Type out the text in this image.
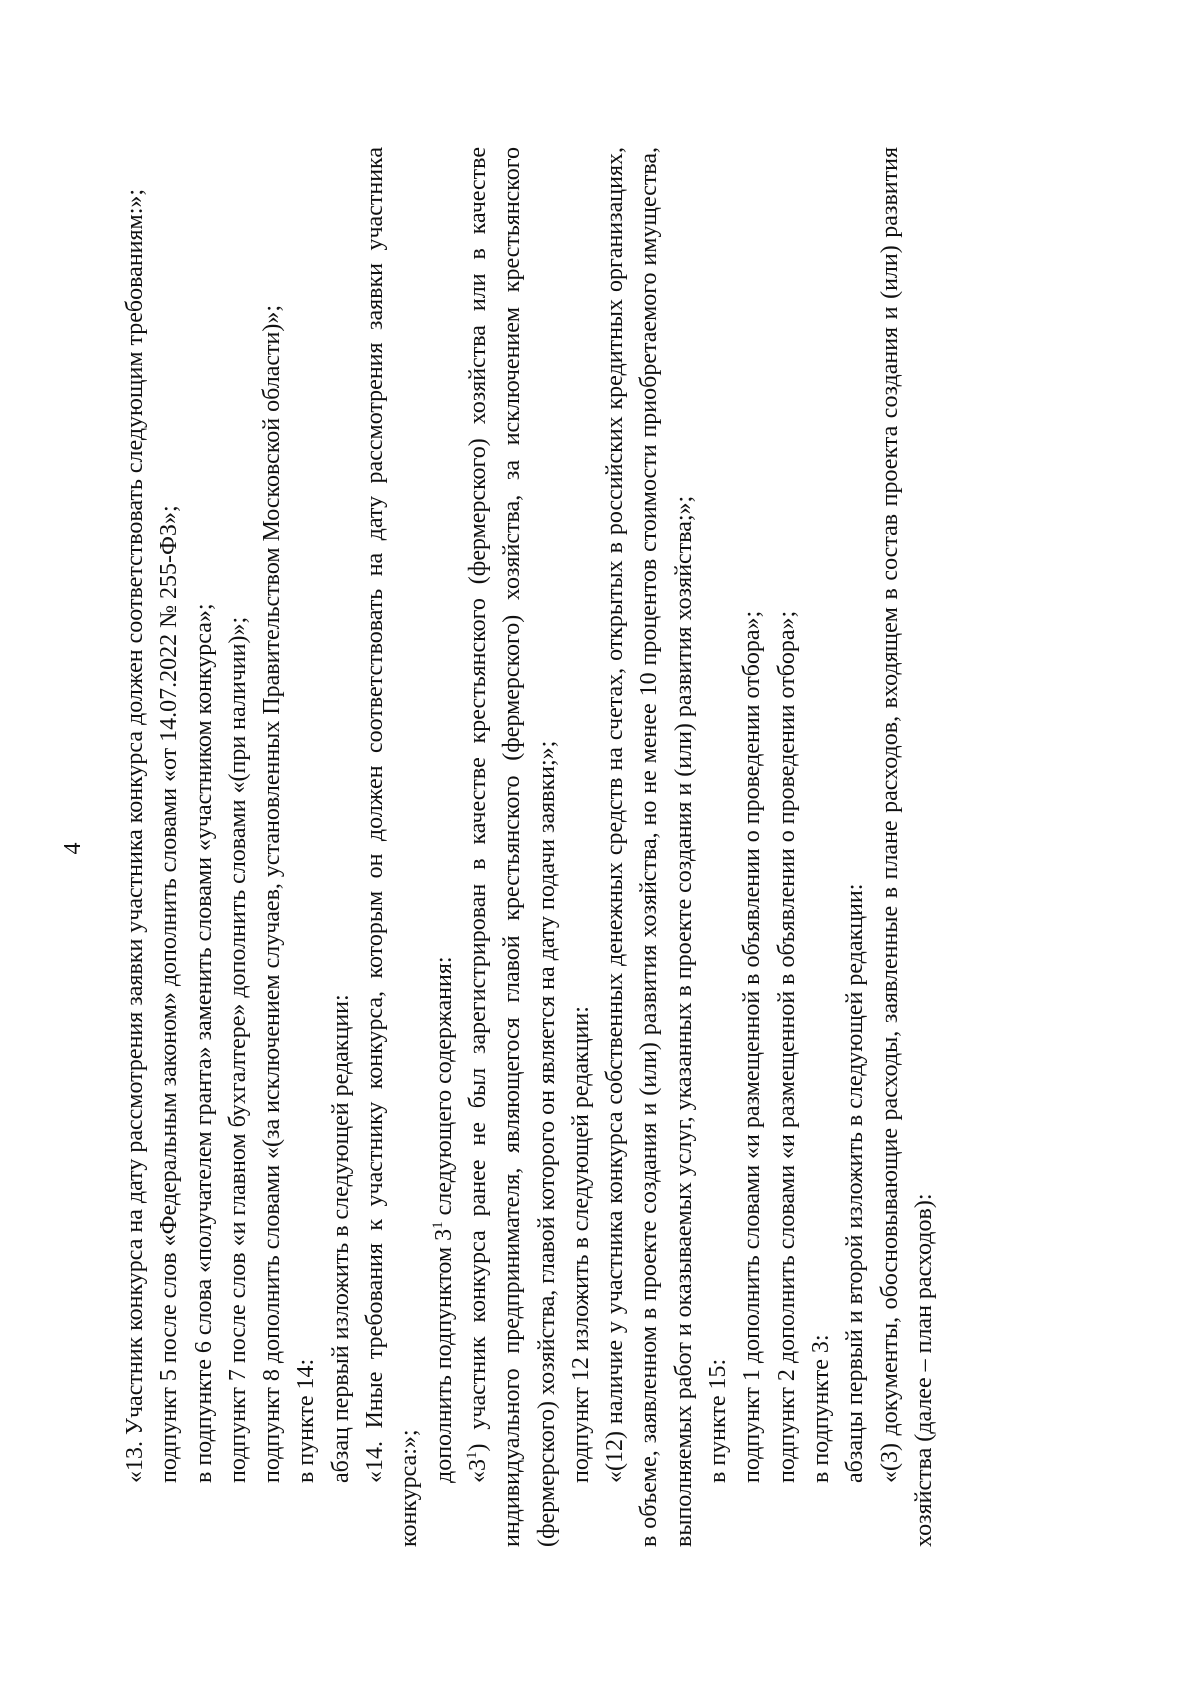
4 «13. Участник конкурса на дату рассмотрения заявки участника конкурса должен соответствовать следующим требованиям:»; подпункт 5 после слов «Федеральным законом» дополнить словами «от 14.07.2022 № 255-ФЗ»; в подпункте 6 слова «получателем гранта» заменить словами «участником конкурса»; подпункт 7 после слов «и главном бухгалтере» дополнить словами «(при наличии)»; подпункт 8 дополнить словами «(за исключением случаев, установленных Правительством Московской области)»; в пункте 14: абзац первый изложить в следующей редакции: «14. Иные требования к участнику конкурса, которым он должен соответствовать на дату рассмотрения заявки участника конкурса:»;

дополнить подпунктом $3^1$ следующего содержания:

«$3^1$) участник конкурса ранее не был зарегистрирован в качестве крестьянского (фермерского) хозяйства или в качестве индивидуального предпринимателя, являющегося главой крестьянского (фермерского) хозяйства, за исключением крестьянского (фермерского) хозяйства, главой которого он является на дату подачи заявки;»; подпункт 12 изложить в следующей редакции: «(12) наличие у участника конкурса собственных денежных средств на счетах, открытых в российских кредитных организациях, в объеме, заявленном в проекте создания и (или) развития хозяйства, но не менее 10 процентов стоимости приобретаемого имущества, выполняемых работ и оказываемых услуг, указанных в проекте создания и (или) развития хозяйства;»; в пункте 15: подпункт 1 дополнить словами «и размещенной в объявлении о проведении отбора»; подпункт 2 дополнить словами «и размещенной в объявлении о проведении отбора»; в подпункте 3: абзацы первый и второй изложить в следующей редакции: «(3) документы, обосновывающие расходы, заявленные в плане расходов, входящем в состав проекта создания и (или) развития хозяйства (далее – план расходов):
